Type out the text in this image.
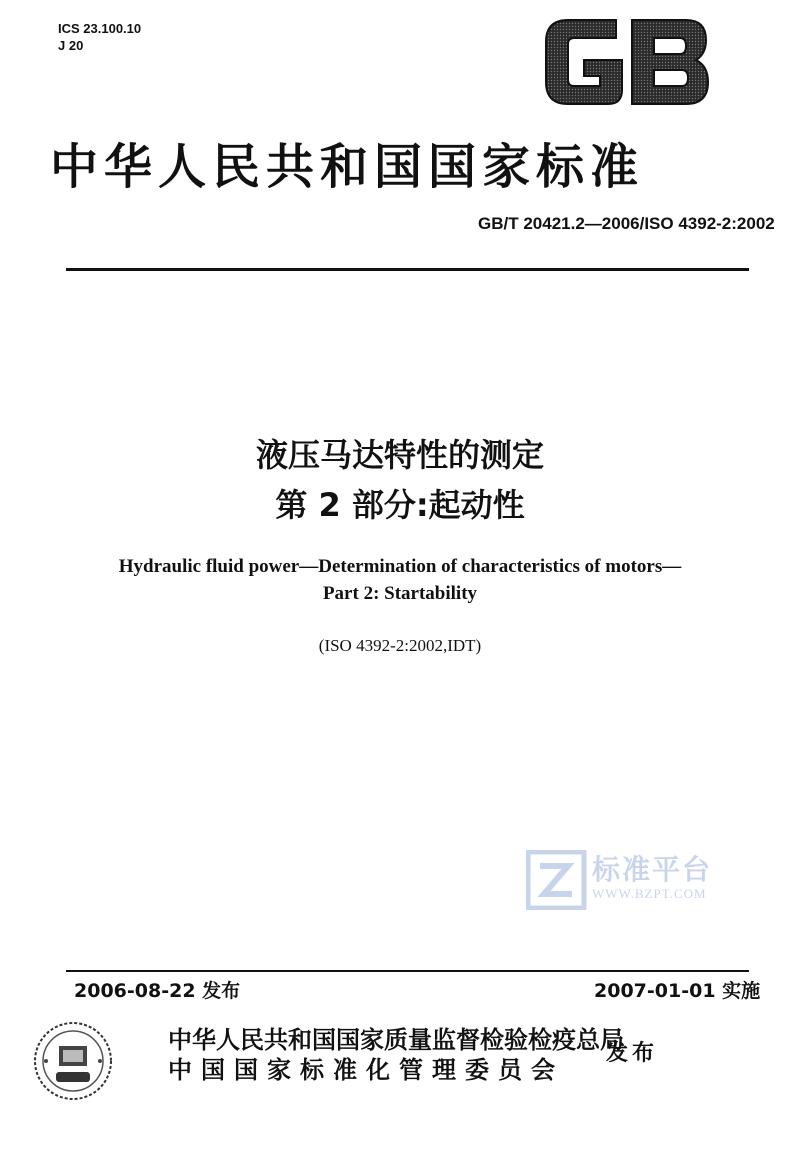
ICS 23.100.10
J 20
中华人民共和国国家标准
GB/T 20421.2—2006/ISO 4392-2:2002
液压马达特性的测定
第 2 部分:起动性
Hydraulic fluid power—Determination of characteristics of motors—
Part 2: Startability
(ISO 4392-2:2002,IDT)
标准平台
WWW.BZPT.COM
2006-08-22 发布	2007-01-01 实施
中华人民共和国国家质量监督检验检疫总局
中国国家标准化管理委员会
发布
